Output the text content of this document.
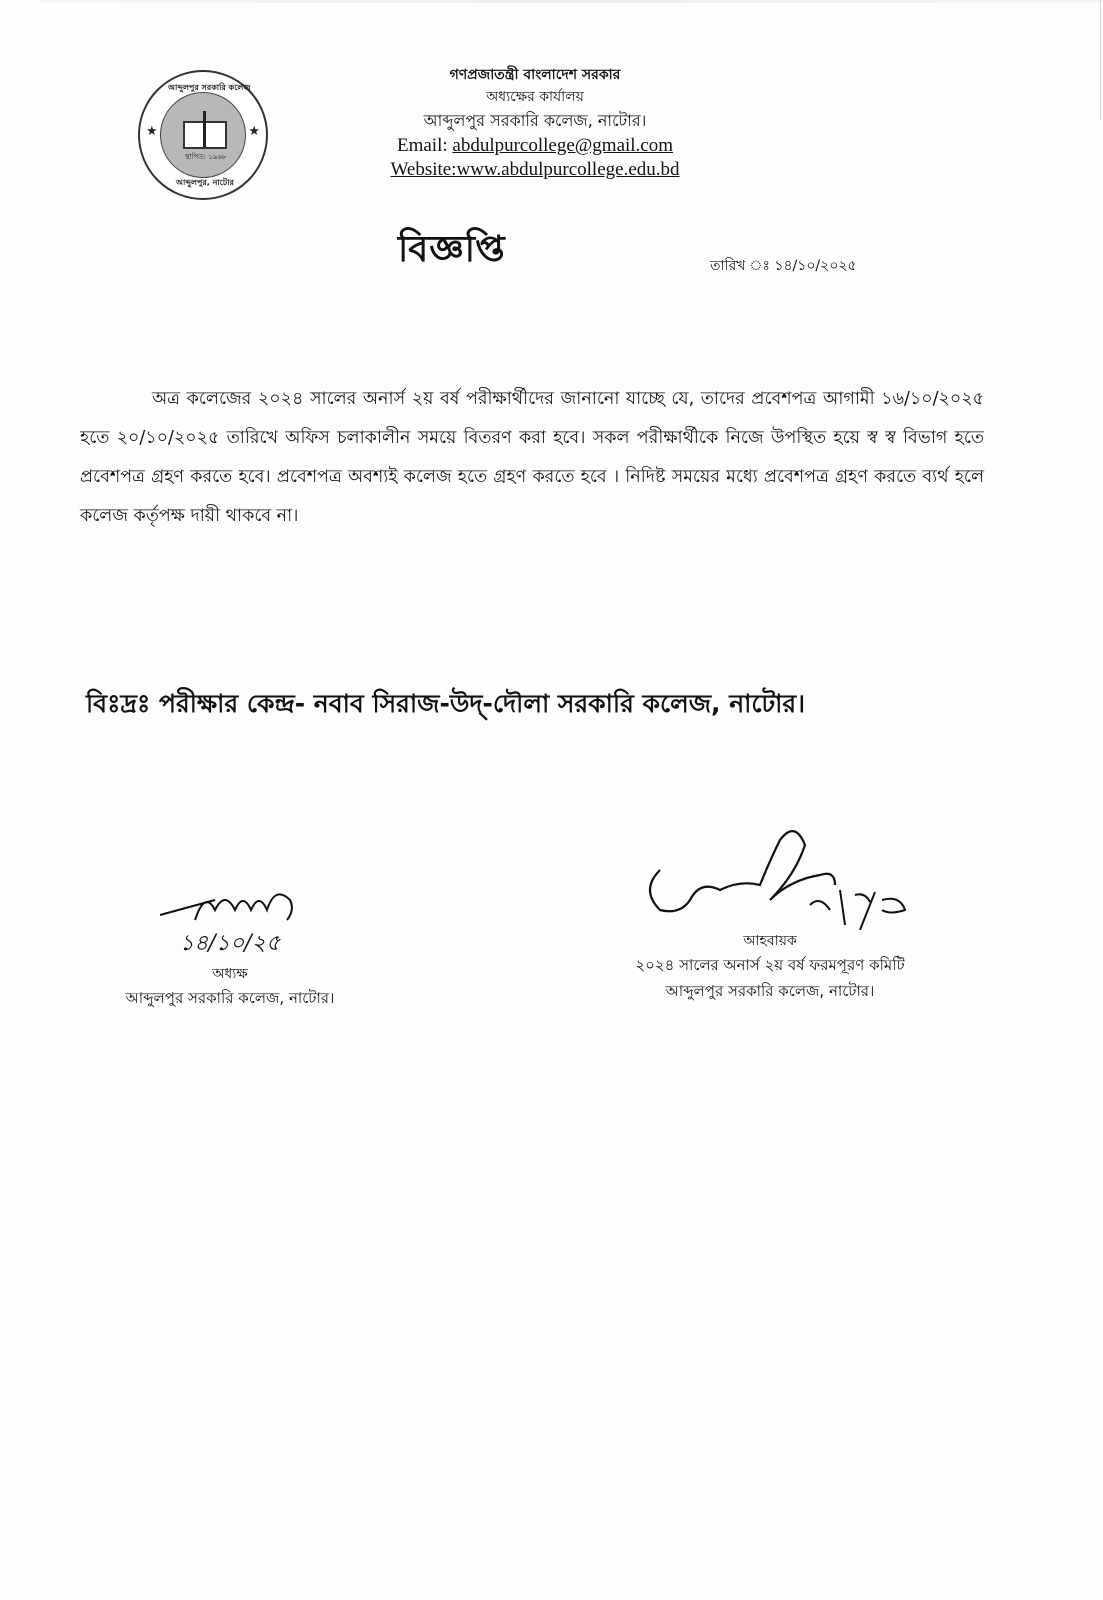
আব্দুলপুর সরকারি কলেজ
★	★
স্থাপিত: ১৯৬৮
আব্দুলপুর, নাটোর
গণপ্রজাতন্ত্রী বাংলাদেশ সরকার
অধ্যক্ষের কার্যালয়
আব্দুলপুর সরকারি কলেজ, নাটোর।
Email: abdulpurcollege@gmail.com
Website:www.abdulpurcollege.edu.bd
বিজ্ঞপ্তি	তারিখ ঃ ১৪/১০/২০২৫
অত্র কলেজের ২০২৪ সালের অনার্স ২য় বর্ষ পরীক্ষার্থীদের জানানো যাচ্ছে যে, তাদের প্রবেশপত্র আগামী ১৬/১০/২০২৫ হতে ২০/১০/২০২৫ তারিখে অফিস চলাকালীন সময়ে বিতরণ করা হবে। সকল পরীক্ষার্থীকে নিজে উপস্থিত হয়ে স্ব স্ব বিভাগ হতে প্রবেশপত্র গ্রহণ করতে হবে। প্রবেশপত্র অবশ্যই কলেজ হতে গ্রহণ করতে হবে । নিদিষ্ট সময়ের মধ্যে প্রবেশপত্র গ্রহণ করতে ব্যর্থ হলে কলেজ কর্তৃপক্ষ দায়ী থাকবে না।
বিঃদ্রঃ পরীক্ষার কেন্দ্র- নবাব সিরাজ-উদ্-দৌলা সরকারি কলেজ, নাটোর।
১৪/১০/২৫
অধ্যক্ষ
আব্দুলপুর সরকারি কলেজ, নাটোর।
আহবায়ক
২০২৪ সালের অনার্স ২য় বর্ষ ফরমপূরণ কমিটি
আব্দুলপুর সরকারি কলেজ, নাটোর।
